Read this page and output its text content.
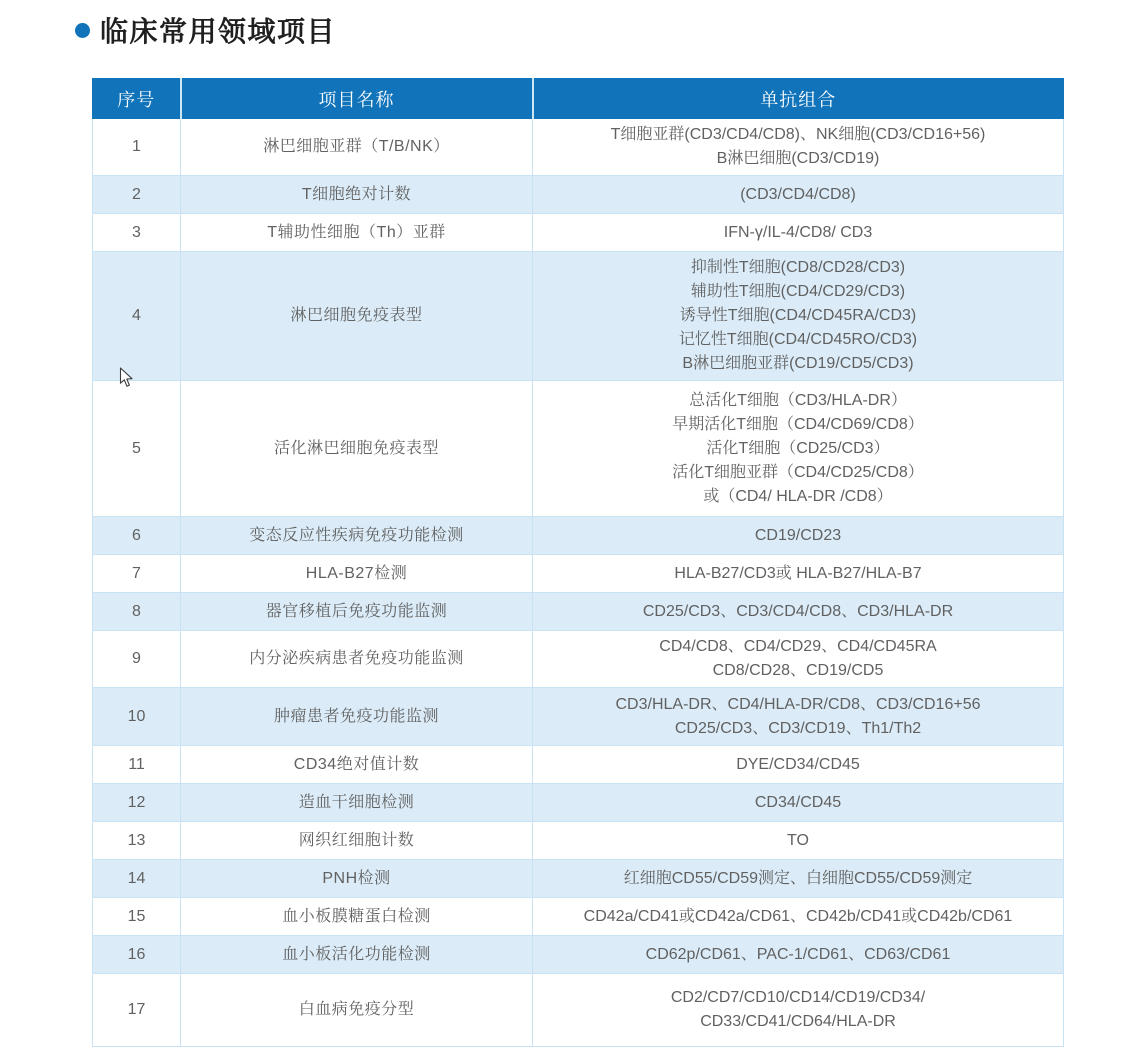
临床常用领域项目
序号	项目名称	单抗组合
1	淋巴细胞亚群（T/B/NK）	T细胞亚群(CD3/CD4/CD8)、NK细胞(CD3/CD16+56)
B淋巴细胞(CD3/CD19)

2	T细胞绝对计数	(CD3/CD4/CD8)

3	T辅助性细胞（Th）亚群	IFN-γ/IL-4/CD8/ CD3

4	淋巴细胞免疫表型	抑制性T细胞(CD8/CD28/CD3)
辅助性T细胞(CD4/CD29/CD3)
诱导性T细胞(CD4/CD45RA/CD3)
记忆性T细胞(CD4/CD45RO/CD3)
B淋巴细胞亚群(CD19/CD5/CD3)

5	活化淋巴细胞免疫表型	总活化T细胞（CD3/HLA-DR）
早期活化T细胞（CD4/CD69/CD8）
活化T细胞（CD25/CD3）
活化T细胞亚群（CD4/CD25/CD8）
或（CD4/ HLA-DR /CD8）

6	变态反应性疾病免疫功能检测	CD19/CD23

7	HLA-B27检测	HLA-B27/CD3或 HLA-B27/HLA-B7

8	器官移植后免疫功能监测	CD25/CD3、CD3/CD4/CD8、CD3/HLA-DR

9	内分泌疾病患者免疫功能监测	CD4/CD8、CD4/CD29、CD4/CD45RA
CD8/CD28、CD19/CD5

10	肿瘤患者免疫功能监测	CD3/HLA-DR、CD4/HLA-DR/CD8、CD3/CD16+56
CD25/CD3、CD3/CD19、Th1/Th2

11	CD34绝对值计数	DYE/CD34/CD45

12	造血干细胞检测	CD34/CD45

13	网织红细胞计数	TO

14	PNH检测	红细胞CD55/CD59测定、白细胞CD55/CD59测定

15	血小板膜糖蛋白检测	CD42a/CD41或CD42a/CD61、CD42b/CD41或CD42b/CD61

16	血小板活化功能检测	CD62p/CD61、PAC-1/CD61、CD63/CD61

17	白血病免疫分型	CD2/CD7/CD10/CD14/CD19/CD34/
CD33/CD41/CD64/HLA-DR
